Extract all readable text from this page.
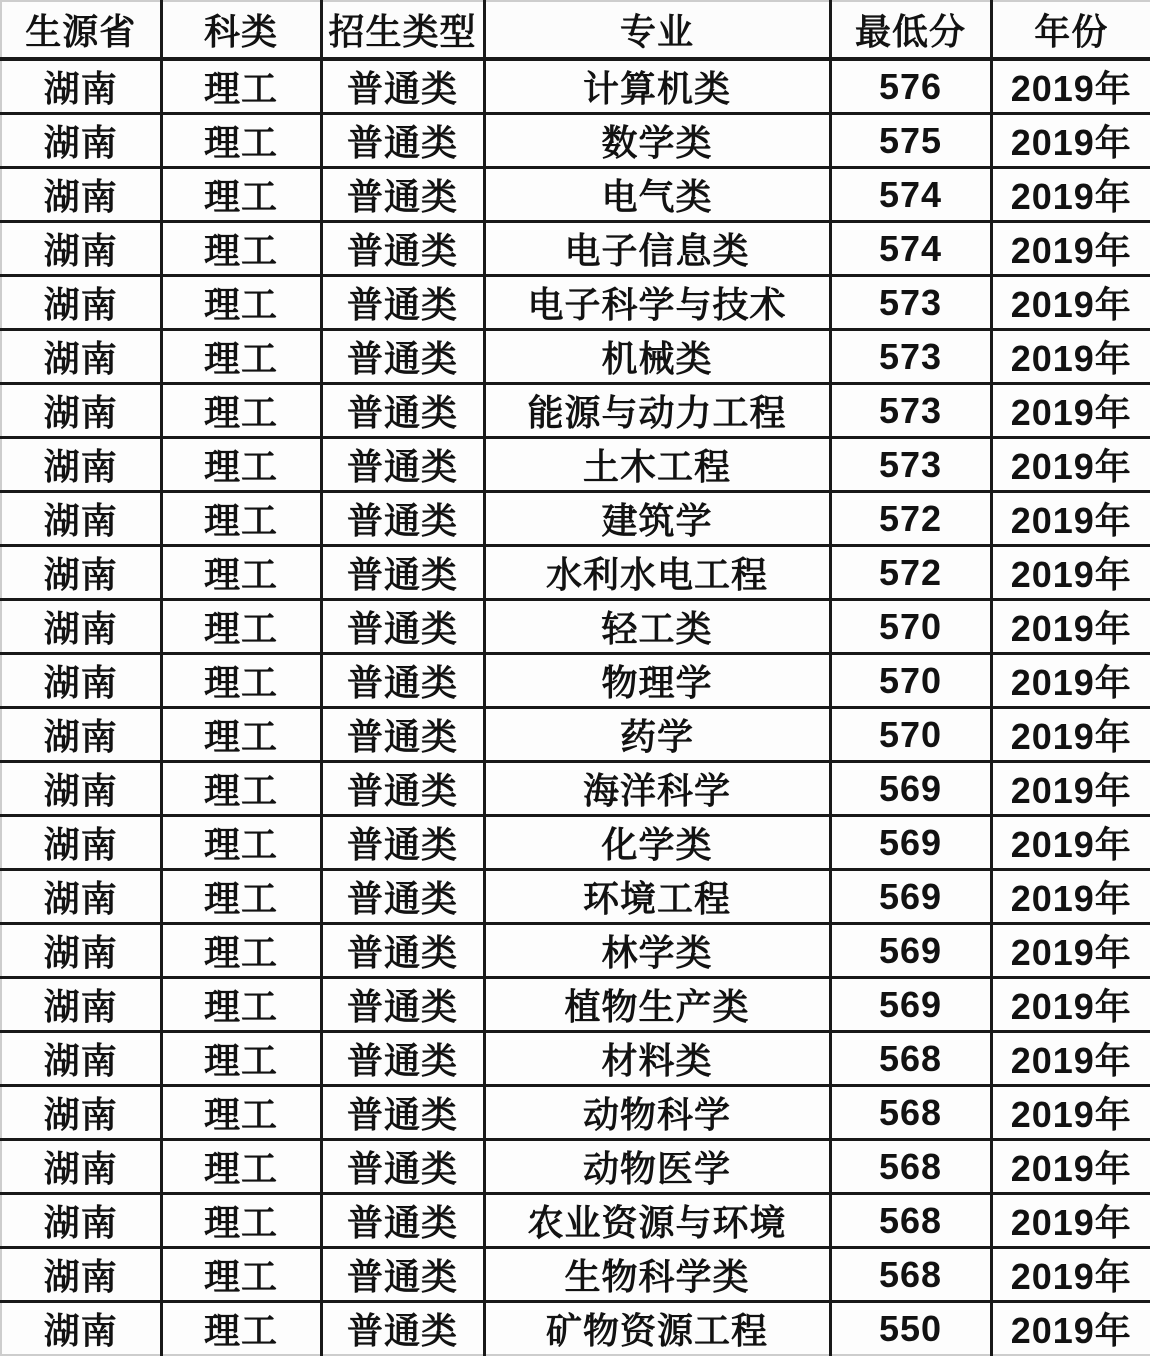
生源省	科类	招生类型	专业	最低分	年份
湖南	理工	普通类	计算机类	576	2019年
湖南	理工	普通类	数学类	575	2019年
湖南	理工	普通类	电气类	574	2019年
湖南	理工	普通类	电子信息类	574	2019年
湖南	理工	普通类	电子科学与技术	573	2019年
湖南	理工	普通类	机械类	573	2019年
湖南	理工	普通类	能源与动力工程	573	2019年
湖南	理工	普通类	土木工程	573	2019年
湖南	理工	普通类	建筑学	572	2019年
湖南	理工	普通类	水利水电工程	572	2019年
湖南	理工	普通类	轻工类	570	2019年
湖南	理工	普通类	物理学	570	2019年
湖南	理工	普通类	药学	570	2019年
湖南	理工	普通类	海洋科学	569	2019年
湖南	理工	普通类	化学类	569	2019年
湖南	理工	普通类	环境工程	569	2019年
湖南	理工	普通类	林学类	569	2019年
湖南	理工	普通类	植物生产类	569	2019年
湖南	理工	普通类	材料类	568	2019年
湖南	理工	普通类	动物科学	568	2019年
湖南	理工	普通类	动物医学	568	2019年
湖南	理工	普通类	农业资源与环境	568	2019年
湖南	理工	普通类	生物科学类	568	2019年
湖南	理工	普通类	矿物资源工程	550	2019年
